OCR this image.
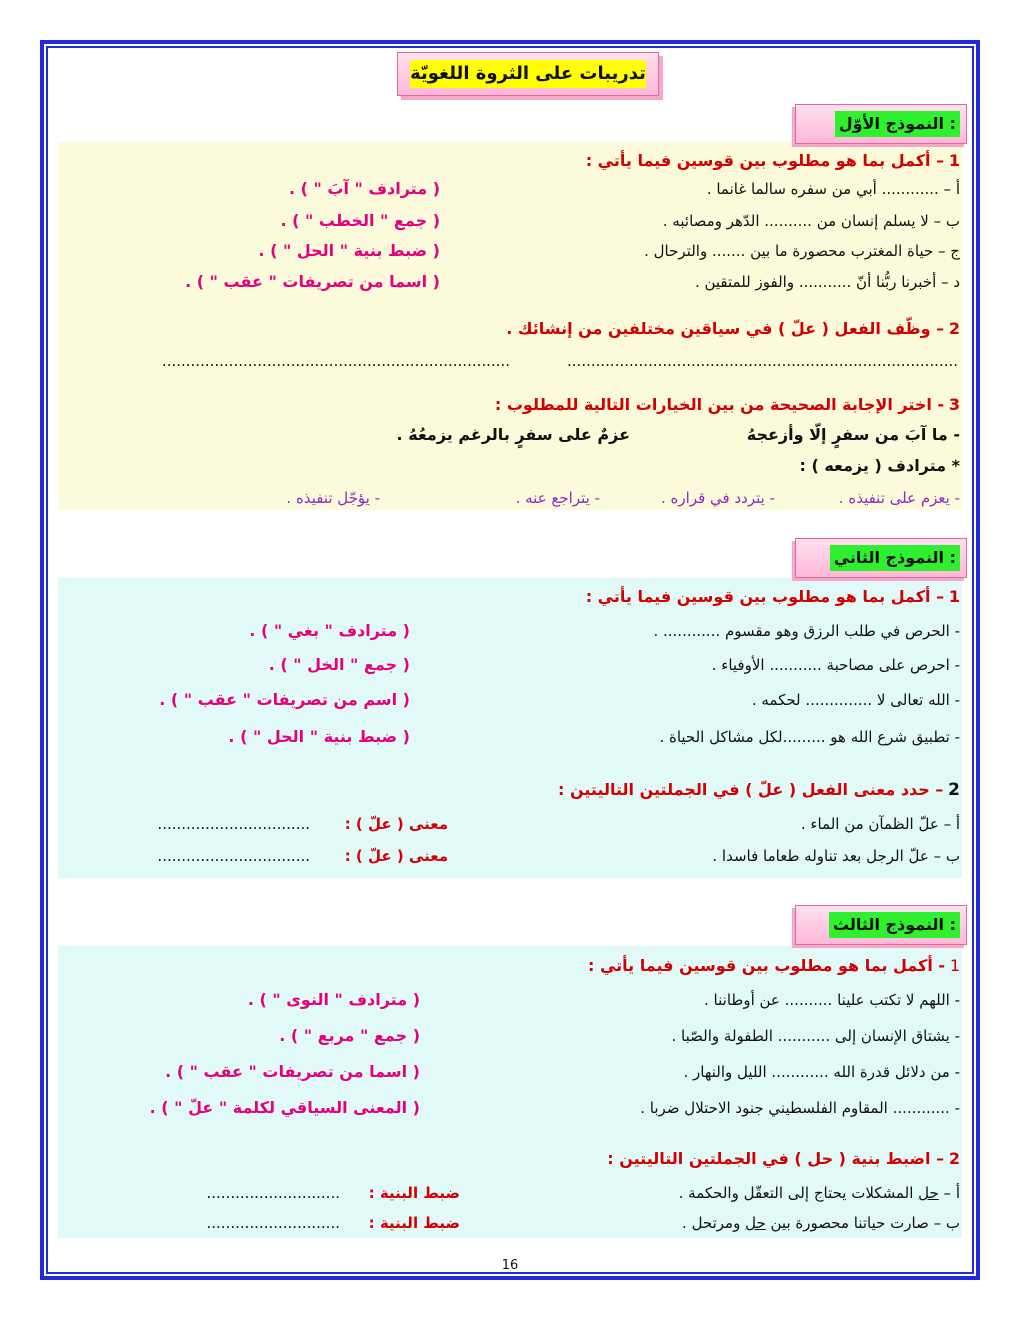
تدريبات على الثروة اللغويّة
النموذج الأوّل :
1 – أكمل بما هو مطلوب بين قوسين فيما يأتي :
أ – ............ أبي من سفره سالما غانما .
( مترادف " آبَ " ) .
ب – لا يسلم إنسان من .......... الدّهر ومصائبه .
( جمع " الخطب " ) .
ج – حياة المغترب محصورة ما بين ....... والترحال .
( ضبط بنية " الحل " ) .
د – أخبرنا ربُّنا أنّ ........... والفوز للمتقين .
( اسما من تصريفات " عقب " ) .
2 – وظّف الفعل ( علّ ) في سياقين مختلفين من إنشائك .
..................................................................................
.........................................................................
3 - اختر الإجابة الصحيحة من بين الخيارات التالية للمطلوب :
- ما آبَ من سفرٍ إلّا وأزعجهُ
عزمٌ على سفرٍ بالرغم يزمعُهُ .
* مترادف ( يزمعه ) :
- يعزم على تنفيذه .
- يتردد في قراره .
- يتراجع عنه .
- يؤجّل تنفيذه .
النموذج الثاني :
1 – أكمل بما هو مطلوب بين قوسين فيما يأتي :
- الحرص في طلب الرزق وهو مقسوم ............ .
( مترادف " بغي " ) .
- احرص على مصاحبة ........... الأوفياء .
( جمع " الخل " ) .
- الله تعالى لا .............. لحكمه .
( اسم من تصريفات " عقب " ) .
- تطبيق شرع الله هو .........لكل مشاكل الحياة .
( ضبط بنية " الحل " ) .
2 – حدد معنى الفعل ( علّ ) في الجملتين التاليتين :
أ – علّ الظمآن من الماء .
معنى ( علّ ) :
................................
ب – علّ الرجل بعد تناوله طعاما فاسدا .
معنى ( علّ ) :
................................
النموذج الثالث :
1 - أكمل بما هو مطلوب بين قوسين فيما يأتي :
- اللهم لا تكتب علينا .......... عن أوطاننا .
( مترادف " النوى " ) .
- يشتاق الإنسان إلى ........... الطفولة والصّبا .
( جمع " مربع " ) .
- من دلائل قدرة الله ............ الليل والنهار .
( اسما من تصريفات " عقب " ) .
- ............ المقاوم الفلسطيني جنود الاحتلال ضربا .
( المعنى السياقي لكلمة " علّ " ) .
2 – اضبط بنية ( حل ) في الجملتين التاليتين :
أ – حل المشكلات يحتاج إلى التعقّل والحكمة .
ضبط البنية :
............................
ب – صارت حياتنا محصورة بين حل ومرتحل .
ضبط البنية :
............................
16
